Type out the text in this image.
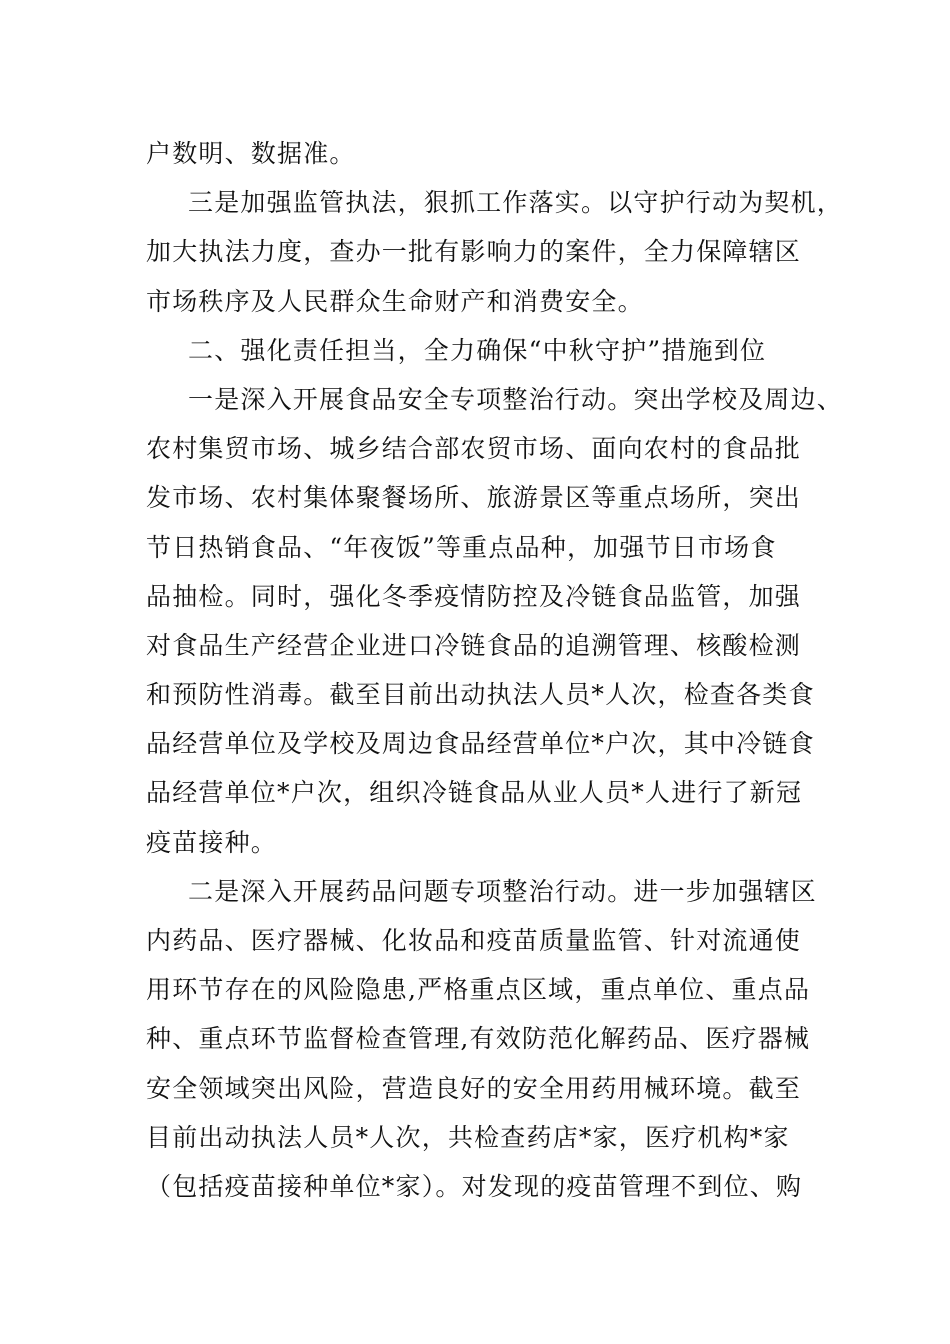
户数明、数据准。
三是加强监管执法，狠抓工作落实。以守护行动为契机，
加大执法力度，查办一批有影响力的案件，全力保障辖区
市场秩序及人民群众生命财产和消费安全。
二、强化责任担当，全力确保“中秋守护”措施到位
一是深入开展食品安全专项整治行动。突出学校及周边、
农村集贸市场、城乡结合部农贸市场、面向农村的食品批
发市场、农村集体聚餐场所、旅游景区等重点场所，突出
节日热销食品、“年夜饭”等重点品种，加强节日市场食
品抽检。同时，强化冬季疫情防控及冷链食品监管，加强
对食品生产经营企业进口冷链食品的追溯管理、核酸检测
和预防性消毒。截至目前出动执法人员*人次，检查各类食
品经营单位及学校及周边食品经营单位*户次，其中冷链食
品经营单位*户次，组织冷链食品从业人员*人进行了新冠
疫苗接种。
二是深入开展药品问题专项整治行动。进一步加强辖区
内药品、医疗器械、化妆品和疫苗质量监管、针对流通使
用环节存在的风险隐患,严格重点区域，重点单位、重点品
种、重点环节监督检查管理,有效防范化解药品、医疗器械
安全领域突出风险，营造良好的安全用药用械环境。截至
目前出动执法人员*人次，共检查药店*家，医疗机构*家
（包括疫苗接种单位*家）。对发现的疫苗管理不到位、购
